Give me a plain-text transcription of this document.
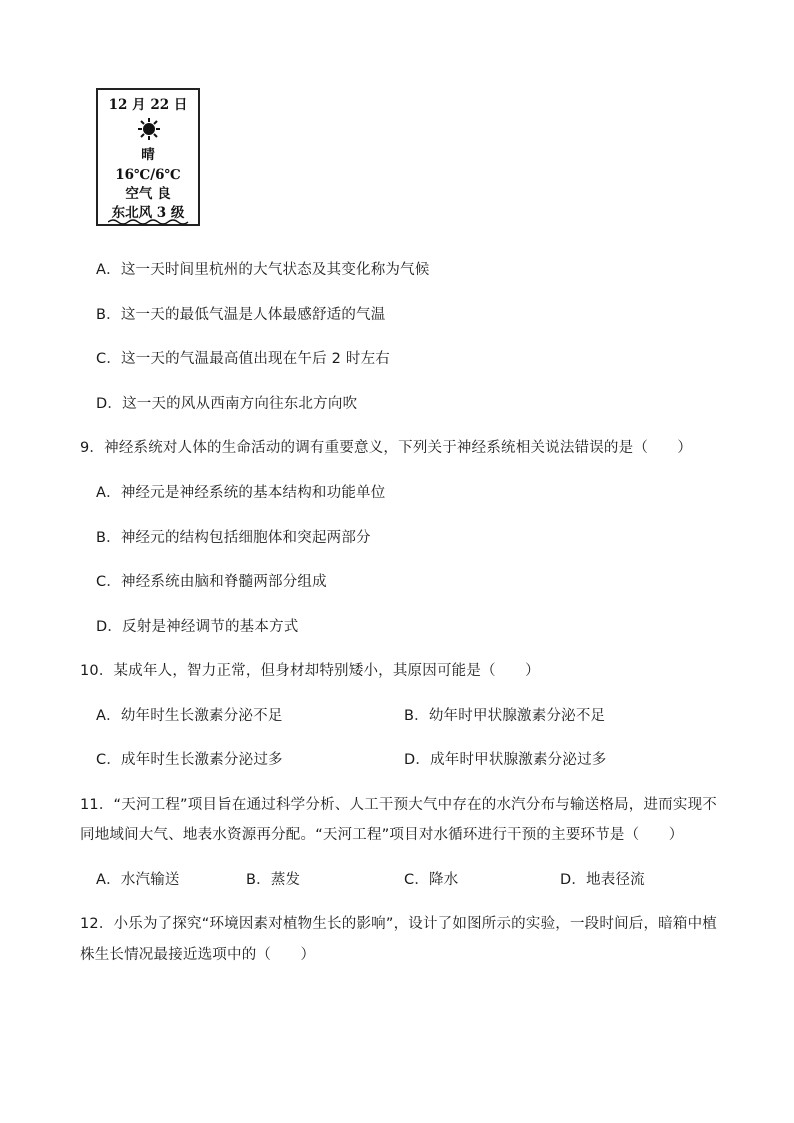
12 月 22 日
晴
16℃/6℃
空气 良
东北风 3 级
A．这一天时间里杭州的大气状态及其变化称为气候
B．这一天的最低气温是人体最感舒适的气温
C．这一天的气温最高值出现在午后 2 时左右
D．这一天的风从西南方向往东北方向吹
9．神经系统对人体的生命活动的调有重要意义，下列关于神经系统相关说法错误的是（　　）
A．神经元是神经系统的基本结构和功能单位
B．神经元的结构包括细胞体和突起两部分
C．神经系统由脑和脊髓两部分组成
D．反射是神经调节的基本方式
10．某成年人，智力正常，但身材却特别矮小，其原因可能是（　　）
A．幼年时生长激素分泌不足	B．幼年时甲状腺激素分泌不足
C．成年时生长激素分泌过多	D．成年时甲状腺激素分泌过多
11．“天河工程”项目旨在通过科学分析、人工干预大气中存在的水汽分布与输送格局，进而实现不
同地域间大气、地表水资源再分配。“天河工程”项目对水循环进行干预的主要环节是（　　）
A．水汽输送	B．蒸发	C．降水	D．地表径流
12．小乐为了探究“环境因素对植物生长的影响”，设计了如图所示的实验，一段时间后，暗箱中植
株生长情况最接近选项中的（　　）
